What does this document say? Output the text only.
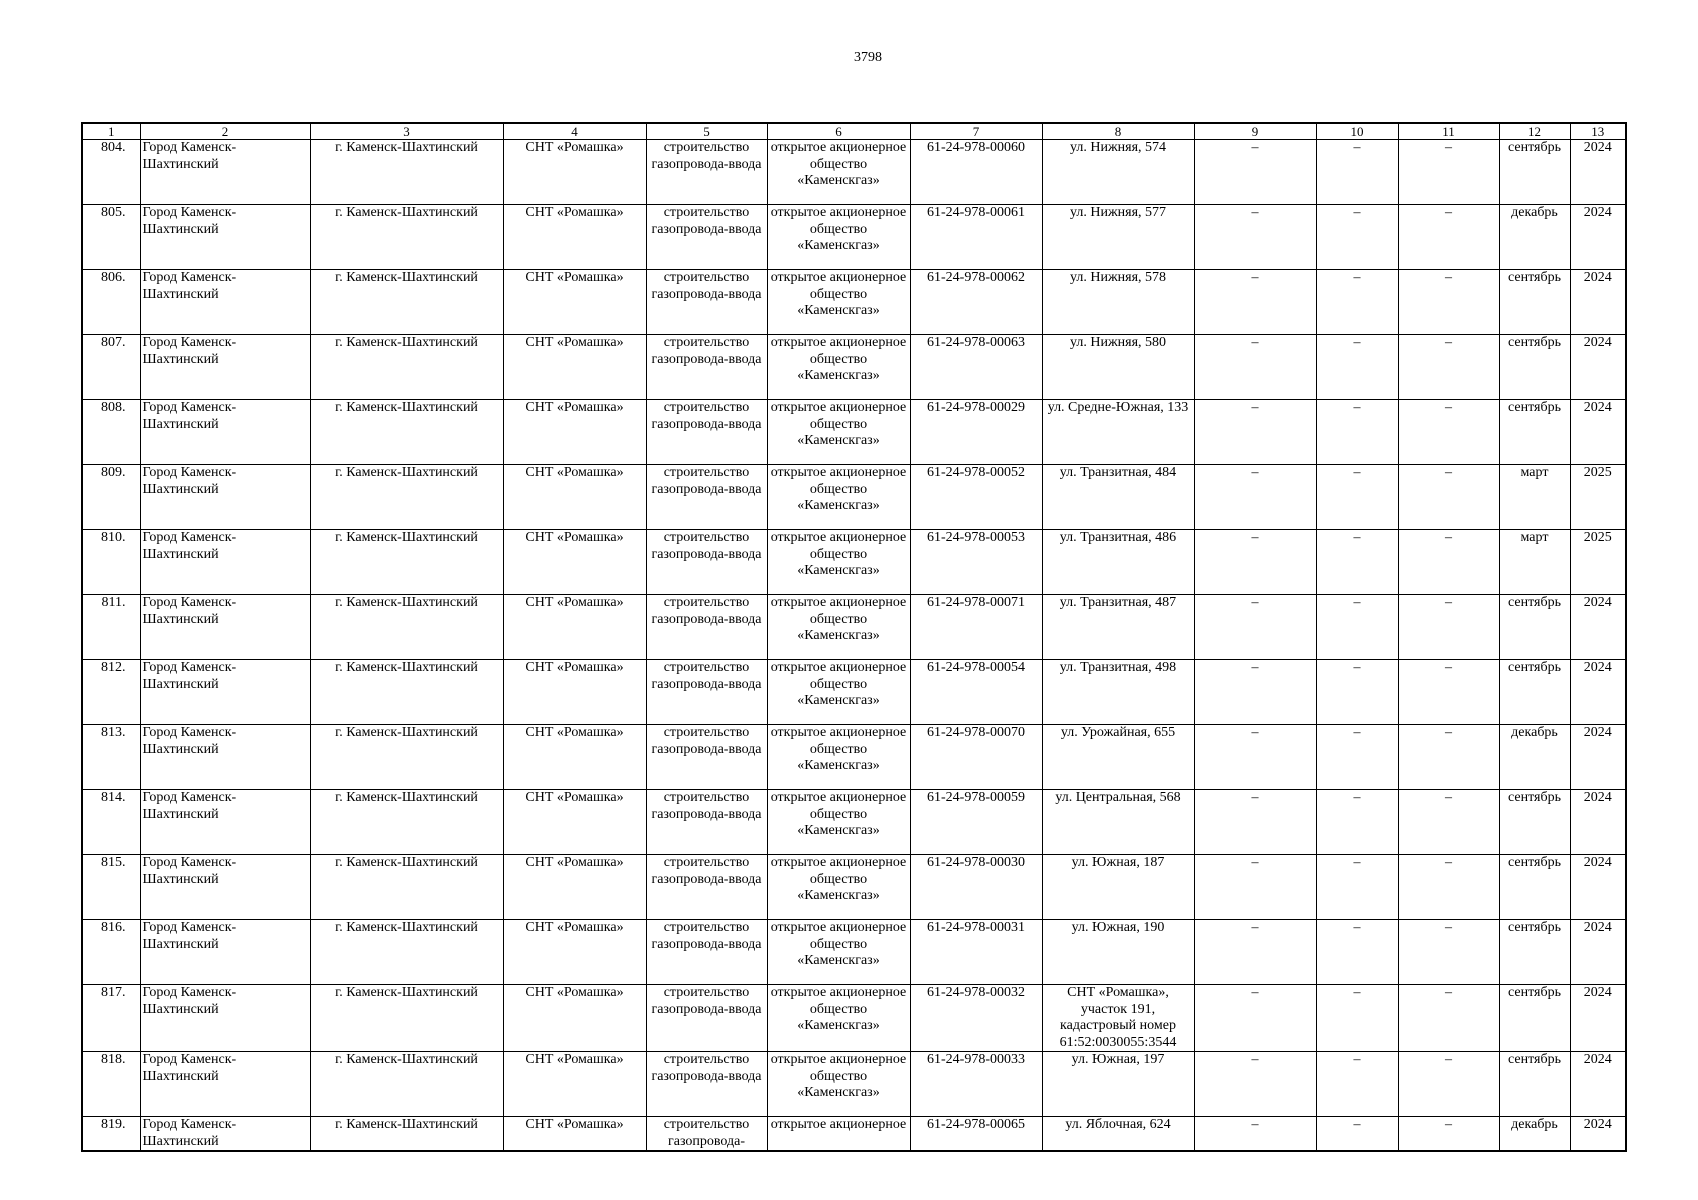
3798
1	2	3	4	5	6	7	8	9	10	11	12	13
804.	Город Каменск-Шахтинский	г. Каменск-Шахтинский	СНТ «Ромашка»	строительство газопровода-ввода	открытое акционерное общество «Каменскгаз»	61-24-978-00060	ул. Нижняя, 574	–	–	–	сентябрь	2024
805.	Город Каменск-Шахтинский	г. Каменск-Шахтинский	СНТ «Ромашка»	строительство газопровода-ввода	открытое акционерное общество «Каменскгаз»	61-24-978-00061	ул. Нижняя, 577	–	–	–	декабрь	2024
806.	Город Каменск-Шахтинский	г. Каменск-Шахтинский	СНТ «Ромашка»	строительство газопровода-ввода	открытое акционерное общество «Каменскгаз»	61-24-978-00062	ул. Нижняя, 578	–	–	–	сентябрь	2024
807.	Город Каменск-Шахтинский	г. Каменск-Шахтинский	СНТ «Ромашка»	строительство газопровода-ввода	открытое акционерное общество «Каменскгаз»	61-24-978-00063	ул. Нижняя, 580	–	–	–	сентябрь	2024
808.	Город Каменск-Шахтинский	г. Каменск-Шахтинский	СНТ «Ромашка»	строительство газопровода-ввода	открытое акционерное общество «Каменскгаз»	61-24-978-00029	ул. Средне-Южная, 133	–	–	–	сентябрь	2024
809.	Город Каменск-Шахтинский	г. Каменск-Шахтинский	СНТ «Ромашка»	строительство газопровода-ввода	открытое акционерное общество «Каменскгаз»	61-24-978-00052	ул. Транзитная, 484	–	–	–	март	2025
810.	Город Каменск-Шахтинский	г. Каменск-Шахтинский	СНТ «Ромашка»	строительство газопровода-ввода	открытое акционерное общество «Каменскгаз»	61-24-978-00053	ул. Транзитная, 486	–	–	–	март	2025
811.	Город Каменск-Шахтинский	г. Каменск-Шахтинский	СНТ «Ромашка»	строительство газопровода-ввода	открытое акционерное общество «Каменскгаз»	61-24-978-00071	ул. Транзитная, 487	–	–	–	сентябрь	2024
812.	Город Каменск-Шахтинский	г. Каменск-Шахтинский	СНТ «Ромашка»	строительство газопровода-ввода	открытое акционерное общество «Каменскгаз»	61-24-978-00054	ул. Транзитная, 498	–	–	–	сентябрь	2024
813.	Город Каменск-Шахтинский	г. Каменск-Шахтинский	СНТ «Ромашка»	строительство газопровода-ввода	открытое акционерное общество «Каменскгаз»	61-24-978-00070	ул. Урожайная, 655	–	–	–	декабрь	2024
814.	Город Каменск-Шахтинский	г. Каменск-Шахтинский	СНТ «Ромашка»	строительство газопровода-ввода	открытое акционерное общество «Каменскгаз»	61-24-978-00059	ул. Центральная, 568	–	–	–	сентябрь	2024
815.	Город Каменск-Шахтинский	г. Каменск-Шахтинский	СНТ «Ромашка»	строительство газопровода-ввода	открытое акционерное общество «Каменскгаз»	61-24-978-00030	ул. Южная, 187	–	–	–	сентябрь	2024
816.	Город Каменск-Шахтинский	г. Каменск-Шахтинский	СНТ «Ромашка»	строительство газопровода-ввода	открытое акционерное общество «Каменскгаз»	61-24-978-00031	ул. Южная, 190	–	–	–	сентябрь	2024
817.	Город Каменск-Шахтинский	г. Каменск-Шахтинский	СНТ «Ромашка»	строительство газопровода-ввода	открытое акционерное общество «Каменскгаз»	61-24-978-00032	СНТ «Ромашка», участок 191, кадастровый номер 61:52:0030055:3544	–	–	–	сентябрь	2024
818.	Город Каменск-Шахтинский	г. Каменск-Шахтинский	СНТ «Ромашка»	строительство газопровода-ввода	открытое акционерное общество «Каменскгаз»	61-24-978-00033	ул. Южная, 197	–	–	–	сентябрь	2024
819.	Город Каменск-Шахтинский	г. Каменск-Шахтинский	СНТ «Ромашка»	строительство газопровода-	открытое акционерное	61-24-978-00065	ул. Яблочная, 624	–	–	–	декабрь	2024
